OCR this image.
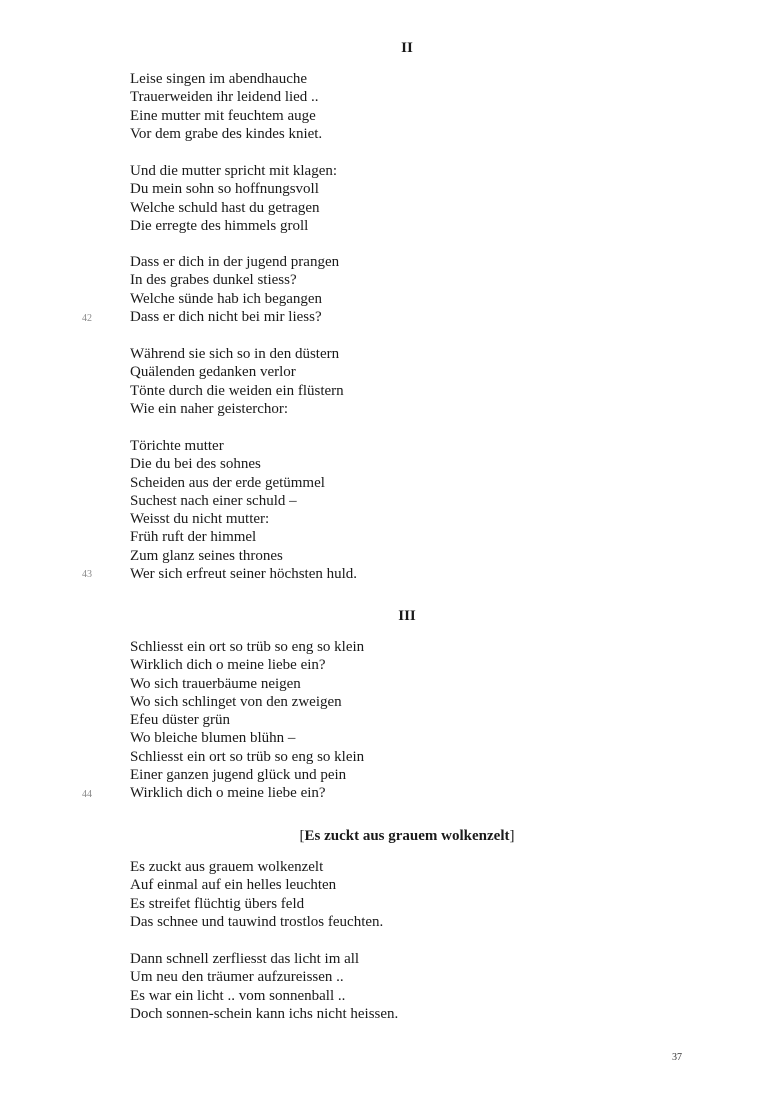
II
Leise singen im abendhauche
Trauerweiden ihr leidend lied ..
Eine mutter mit feuchtem auge
Vor dem grabe des kindes kniet.
Und die mutter spricht mit klagen:
Du mein sohn so hoffnungsvoll
Welche schuld hast du getragen
Die erregte des himmels groll
Dass er dich in der jugend prangen
In des grabes dunkel stiess?
Welche sünde hab ich begangen
Dass er dich nicht bei mir liess?
42
Während sie sich so in den düstern
Quälenden gedanken verlor
Tönte durch die weiden ein flüstern
Wie ein naher geisterchor:
Törichte mutter
Die du bei des sohnes
Scheiden aus der erde getümmel
Suchest nach einer schuld –
Weisst du nicht mutter:
Früh ruft der himmel
Zum glanz seines thrones
Wer sich erfreut seiner höchsten huld.
43
III
Schliesst ein ort so trüb so eng so klein
Wirklich dich o meine liebe ein?
Wo sich trauerbäume neigen
Wo sich schlinget von den zweigen
Efeu düster grün
Wo bleiche blumen blühn –
Schliesst ein ort so trüb so eng so klein
Einer ganzen jugend glück und pein
Wirklich dich o meine liebe ein?
44
[Es zuckt aus grauem wolkenzelt]
Es zuckt aus grauem wolkenzelt
Auf einmal auf ein helles leuchten
Es streifet flüchtig übers feld
Das schnee und tauwind trostlos feuchten.
Dann schnell zerfliesst das licht im all
Um neu den träumer aufzureissen ..
Es war ein licht .. vom sonnenball ..
Doch sonnen-schein kann ichs nicht heissen.
37
